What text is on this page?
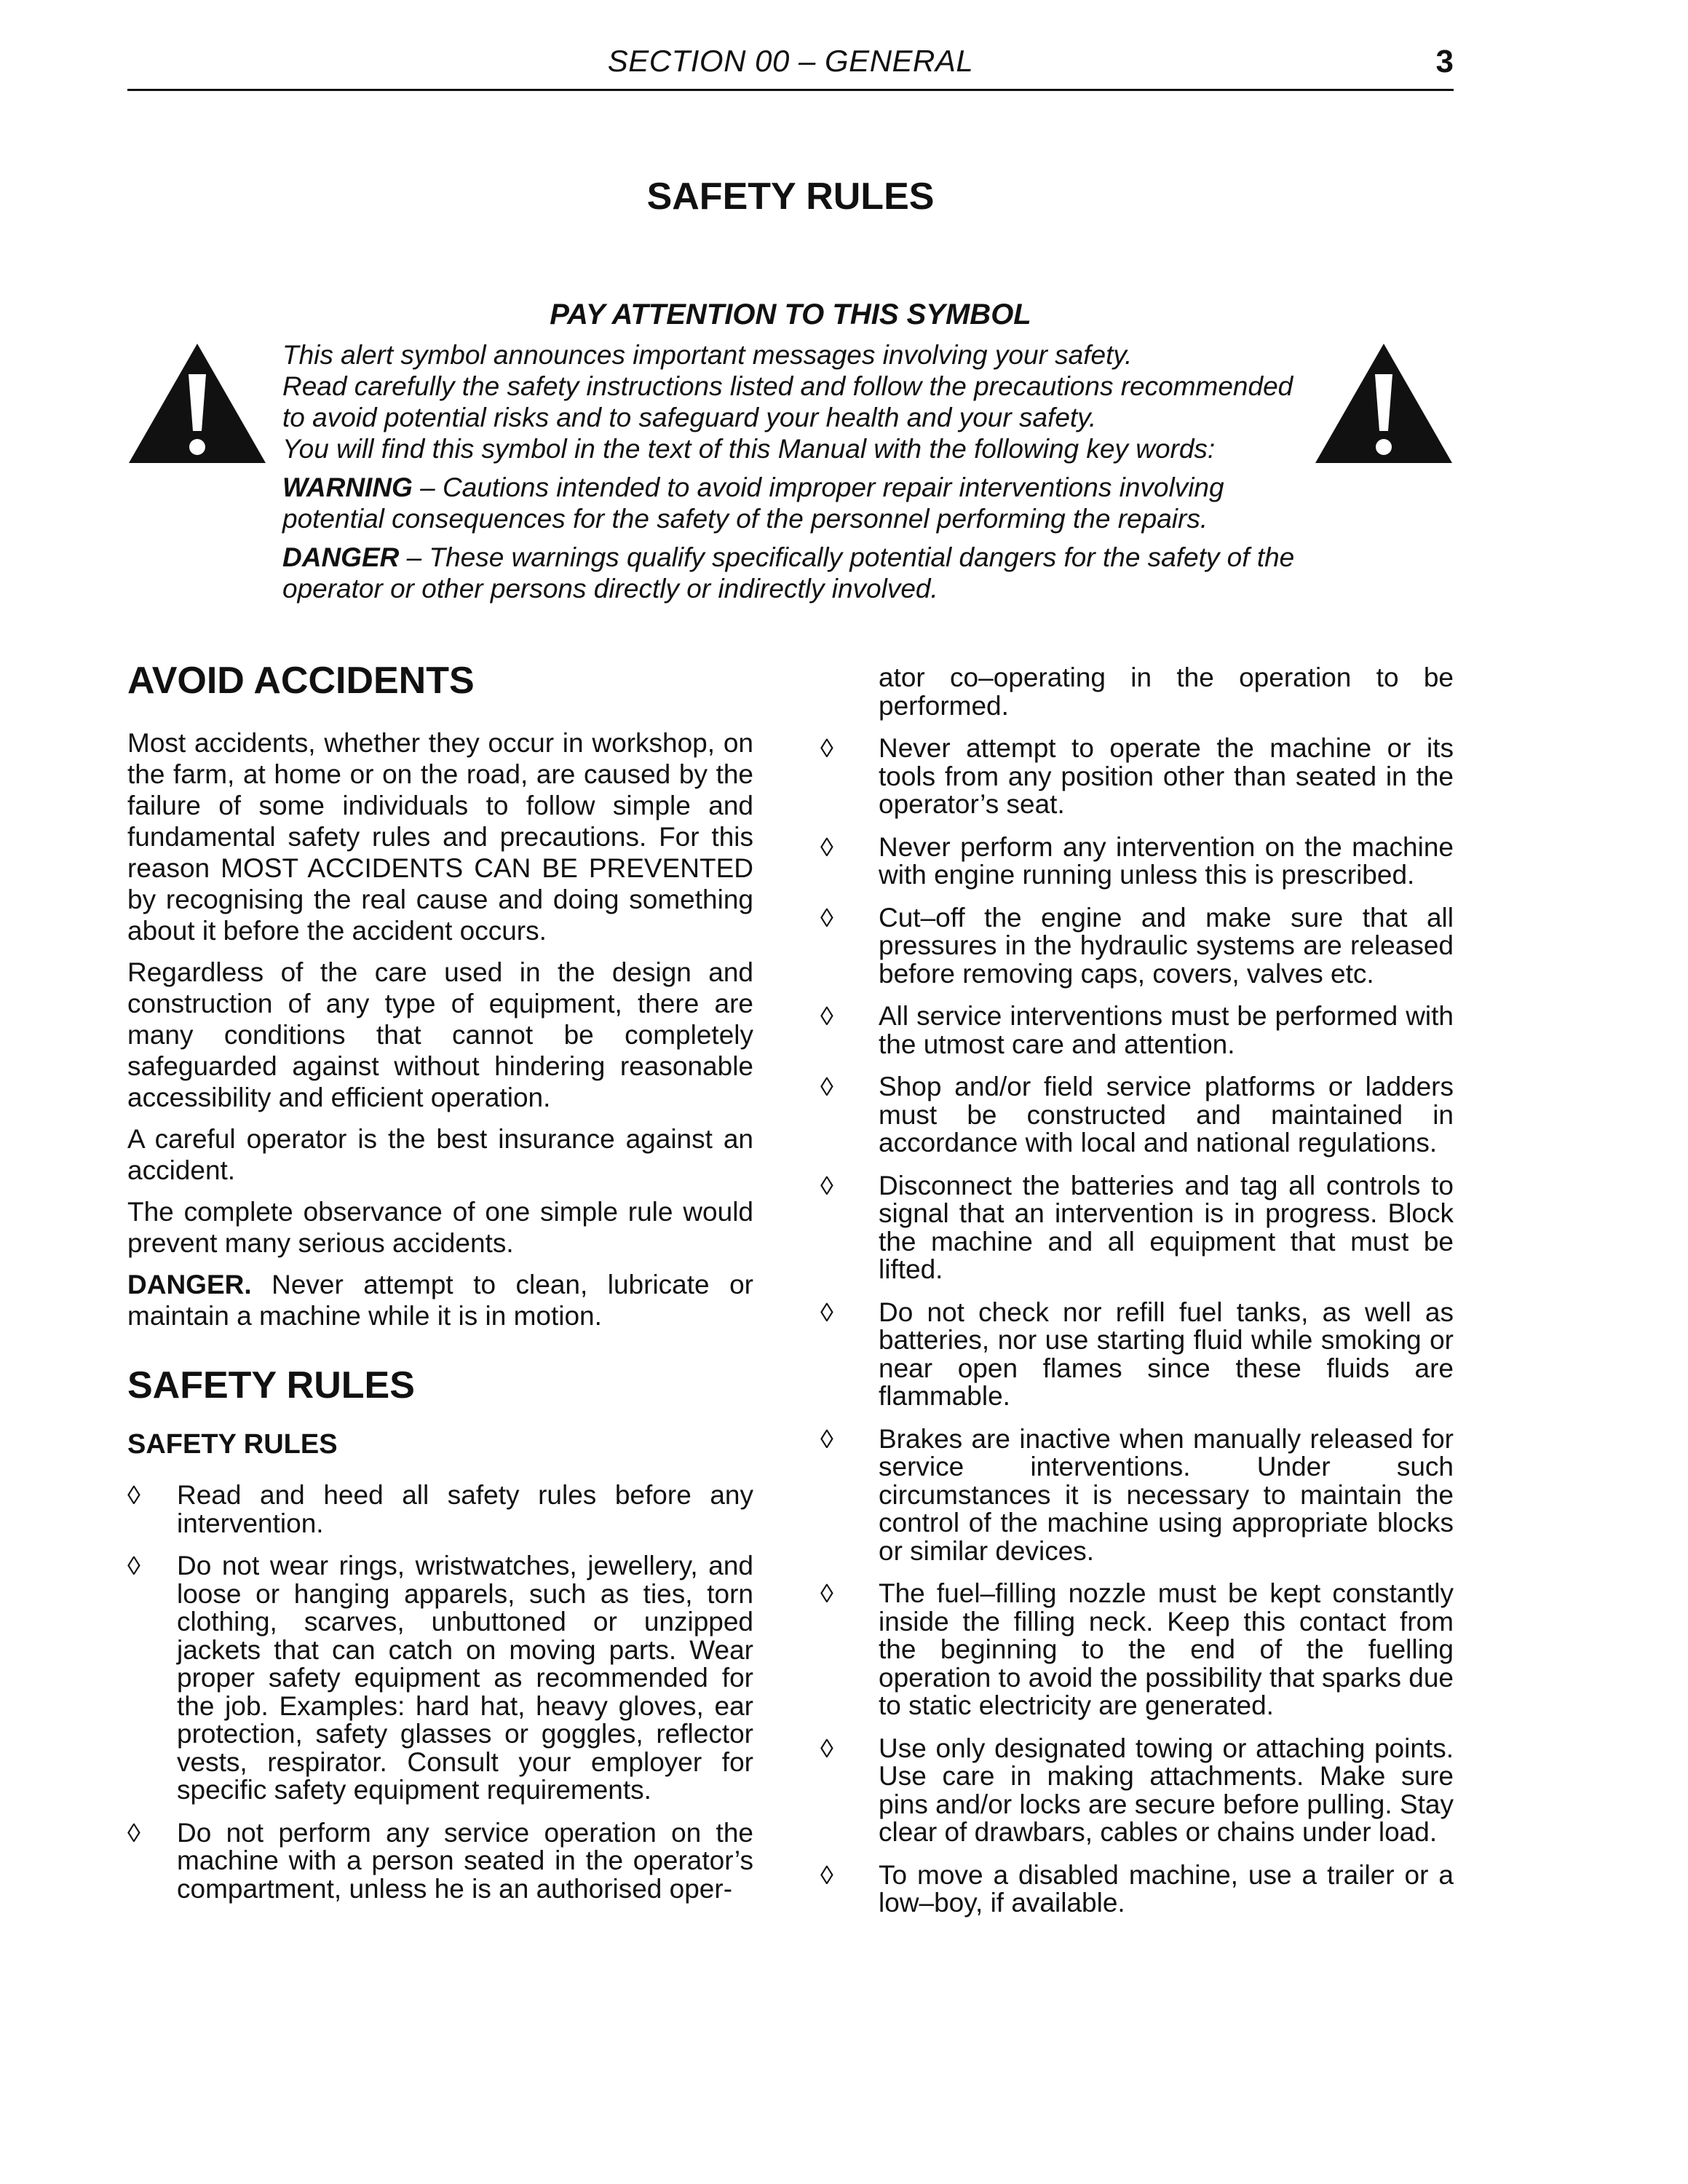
SECTION 00 – GENERAL	3
SAFETY RULES
PAY ATTENTION TO THIS SYMBOL

This alert symbol announces important messages involving your safety.

Read carefully the safety instructions listed and follow the precautions recommended to avoid potential risks and to safeguard your health and your safety.

You will find this symbol in the text of this Manual with the following key words:

WARNING – Cautions intended to avoid improper repair interventions involving potential consequences for the safety of the personnel performing the repairs.

DANGER – These warnings qualify specifically potential dangers for the safety of the operator or other persons directly or indirectly involved.

AVOID ACCIDENTS

Most accidents, whether they occur in workshop, on the farm, at home or on the road, are caused by the failure of some individuals to follow simple and fundamental safety rules and precautions. For this reason MOST ACCIDENTS CAN BE PREVENTED by recognising the real cause and doing something about it before the accident occurs.

Regardless of the care used in the design and construction of any type of equipment, there are many conditions that cannot be completely safeguarded against without hindering reasonable accessibility and efficient operation.

A careful operator is the best insurance against an accident.

The complete observance of one simple rule would prevent many serious accidents.

DANGER. Never attempt to clean, lubricate or maintain a machine while it is in motion.

SAFETY RULES
SAFETY RULES
◊ Read and heed all safety rules before any intervention.
◊ Do not wear rings, wristwatches, jewellery, and loose or hanging apparels, such as ties, torn clothing, scarves, unbuttoned or unzipped jackets that can catch on moving parts. Wear proper safety equipment as recommended for the job. Examples: hard hat, heavy gloves, ear protection, safety glasses or goggles, reflector vests, respirator. Consult your employer for specific safety equipment requirements.
◊ Do not perform any service operation on the machine with a person seated in the operator’s compartment, unless he is an authorised oper-

ator co–operating in the operation to be performed.

◊ Never attempt to operate the machine or its tools from any position other than seated in the operator’s seat.
◊ Never perform any intervention on the machine with engine running unless this is prescribed.
◊ Cut–off the engine and make sure that all pressures in the hydraulic systems are released before removing caps, covers, valves etc.
◊ All service interventions must be performed with the utmost care and attention.
◊ Shop and/or field service platforms or ladders must be constructed and maintained in accordance with local and national regulations.
◊ Disconnect the batteries and tag all controls to signal that an intervention is in progress. Block the machine and all equipment that must be lifted.
◊ Do not check nor refill fuel tanks, as well as batteries, nor use starting fluid while smoking or near open flames since these fluids are flammable.
◊ Brakes are inactive when manually released for service interventions. Under such circumstances it is necessary to maintain the control of the machine using appropriate blocks or similar devices.
◊ The fuel–filling nozzle must be kept constantly inside the filling neck. Keep this contact from the beginning to the end of the fuelling operation to avoid the possibility that sparks due to static electricity are generated.
◊ Use only designated towing or attaching points. Use care in making attachments. Make sure pins and/or locks are secure before pulling. Stay clear of drawbars, cables or chains under load.
◊ To move a disabled machine, use a trailer or a low–boy, if available.
